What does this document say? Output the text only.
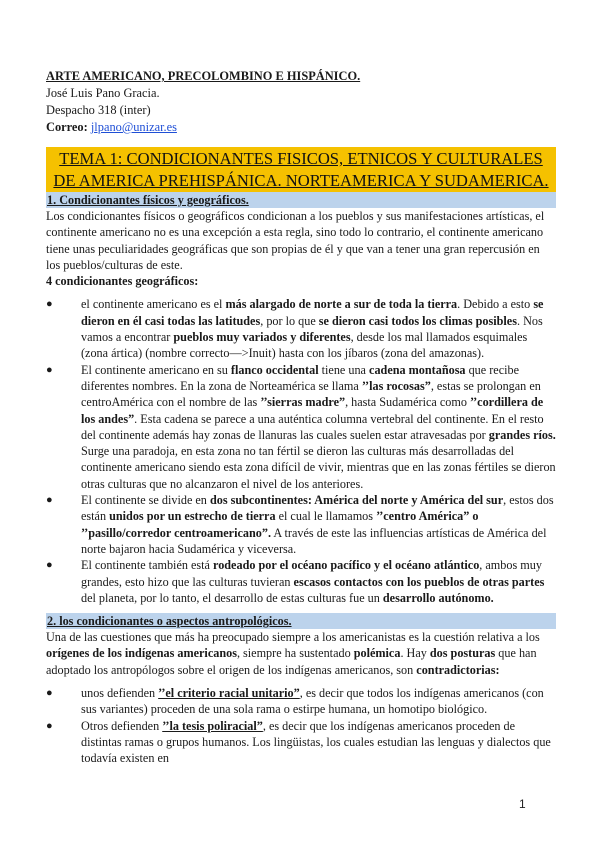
ARTE AMERICANO, PRECOLOMBINO E HISPÁNICO.
José Luis Pano Gracia.
Despacho 318 (inter)
Correo: jlpano@unizar.es
TEMA 1: CONDICIONANTES FISICOS, ETNICOS Y CULTURALES
DE AMERICA PREHISPÁNICA. NORTEAMERICA Y SUDAMERICA.
1. Condicionantes físicos y geográficos.

Los condicionantes físicos o geográficos condicionan a los pueblos y sus manifestaciones artísticas, el continente americano no es una excepción a esta regla, sino todo lo contrario, el continente americano tiene unas peculiaridades geográficas que son propias de él y que van a tener una gran repercusión en los pueblos/culturas de este.

4 condicionantes geográficos:

●	el continente americano es el más alargado de norte a sur de toda la tierra. Debido a esto se dieron en él casi todas las latitudes, por lo que se dieron casi todos los climas posibles. Nos vamos a encontrar pueblos muy variados y diferentes, desde los mal llamados esquimales (zona ártica) (nombre correcto—>Inuit) hasta con los jíbaros (zona del amazonas).
●	El continente americano en su flanco occidental tiene una cadena montañosa que recibe diferentes nombres. En la zona de Norteamérica se llama ’’las rocosas”, estas se prolongan en centroAmérica con el nombre de las ’’sierras madre”, hasta Sudamérica como ’’cordillera de los andes”. Esta cadena se parece a una auténtica columna vertebral del continente. En el resto del continente además hay zonas de llanuras las cuales suelen estar atravesadas por grandes ríos. Surge una paradoja, en esta zona no tan fértil se dieron las culturas más desarrolladas del continente americano siendo esta zona difícil de vivir, mientras que en las zonas fértiles se dieron otras culturas que no alcanzaron el nivel de los anteriores.
●	El continente se divide en dos subcontinentes: América del norte y América del sur, estos dos están unidos por un estrecho de tierra el cual le llamamos ’’centro América” o ’’pasillo/corredor centroamericano”. A través de este las influencias artísticas de América del norte bajaron hacia Sudamérica y viceversa.
●	El continente también está rodeado por el océano pacífico y el océano atlántico, ambos muy grandes, esto hizo que las culturas tuvieran escasos contactos con los pueblos de otras partes del planeta, por lo tanto, el desarrollo de estas culturas fue un desarrollo autónomo.
2. los condicionantes o aspectos antropológicos.

Una de las cuestiones que más ha preocupado siempre a los americanistas es la cuestión relativa a los orígenes de los indígenas americanos, siempre ha sustentado polémica. Hay dos posturas que han adoptado los antropólogos sobre el origen de los indígenas americanos, son contradictorias:

●	unos defienden ’’el criterio racial unitario”, es decir que todos los indígenas americanos (con sus variantes) proceden de una sola rama o estirpe humana, un homotipo biológico.
●	Otros defienden ’’la tesis poliracial”, es decir que los indígenas americanos proceden de distintas ramas o grupos humanos. Los lingüistas, los cuales estudian las lenguas y dialectos que todavía existen en
1
